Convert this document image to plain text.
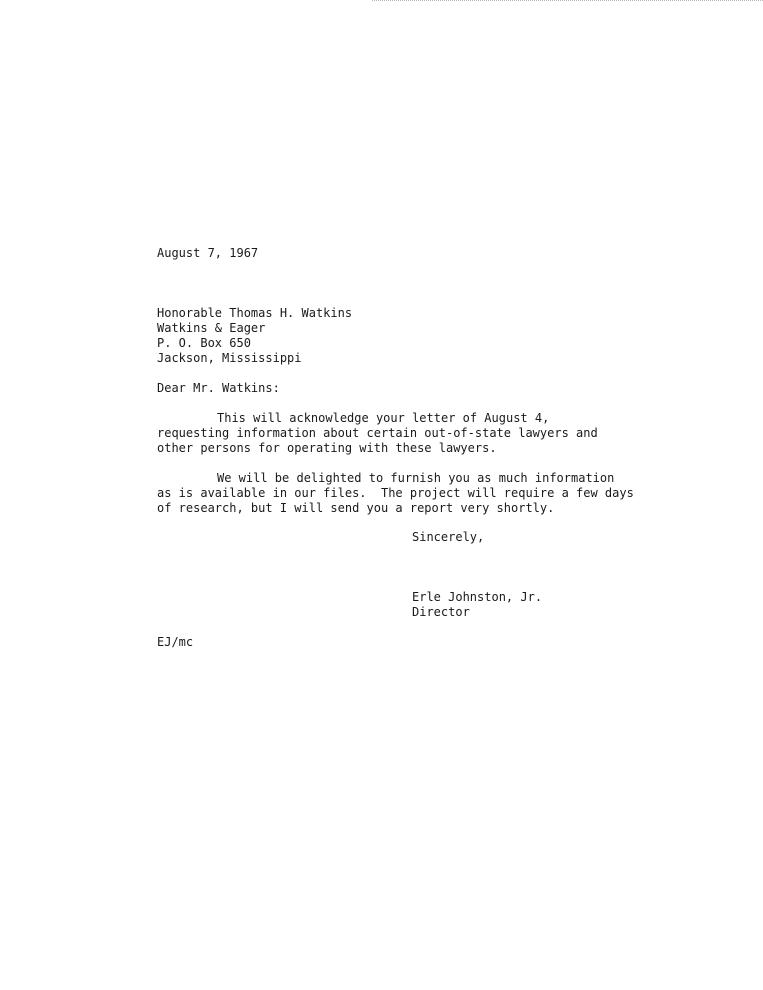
August 7, 1967
Honorable Thomas H. Watkins
Watkins & Eager
P. O. Box 650
Jackson, Mississippi
Dear Mr. Watkins:
This will acknowledge your letter of August 4,
requesting information about certain out-of-state lawyers and
other persons for operating with these lawyers.
We will be delighted to furnish you as much information
as is available in our files.  The project will require a few days
of research, but I will send you a report very shortly.
Sincerely,
Erle Johnston, Jr.
Director
EJ/mc
